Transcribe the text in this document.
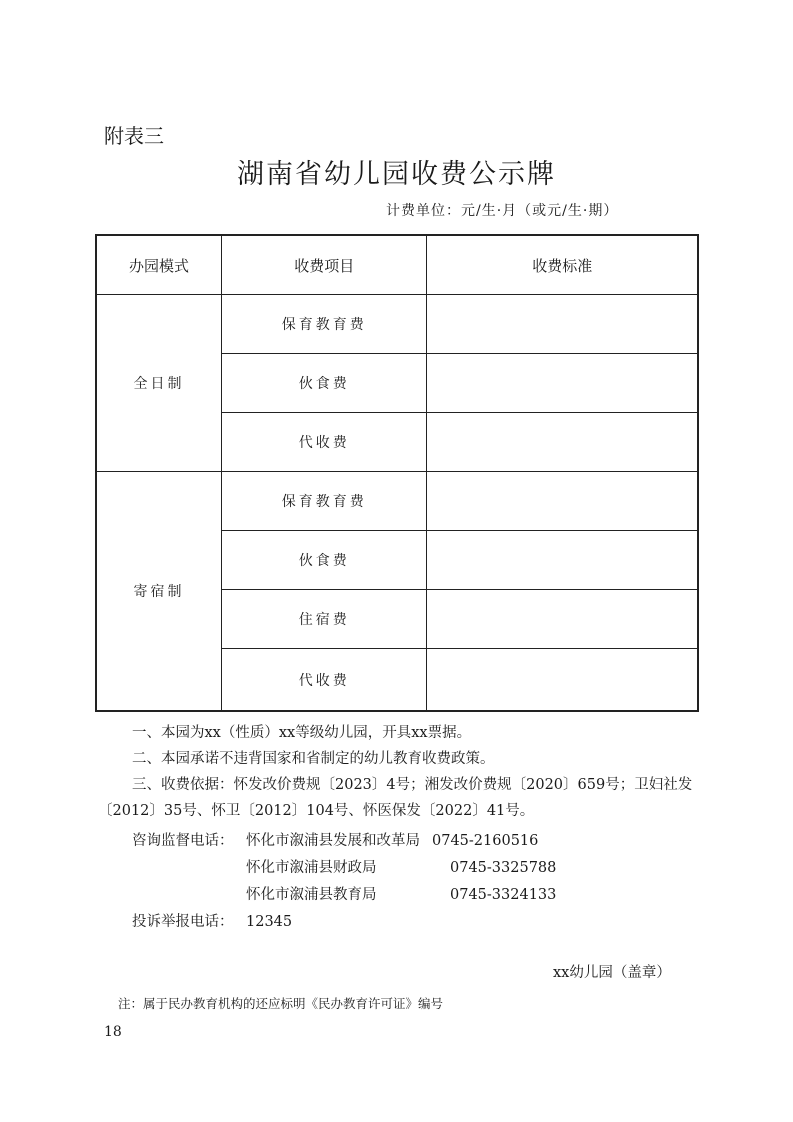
附表三
湖南省幼儿园收费公示牌
计费单位：元/生·月（或元/生·期）
办园模式	收费项目	收费标准
全日制	保育教育费	
	伙食费	
	代收费	
寄宿制	保育教育费	
	伙食费	
	住宿费	
	代收费	

一、本园为xx（性质）xx等级幼儿园，开具xx票据。

二、本园承诺不违背国家和省制定的幼儿教育收费政策。

三、收费依据：怀发改价费规〔2023〕4号；湘发改价费规〔2020〕659号；卫妇社发〔2012〕35号、怀卫〔2012〕104号、怀医保发〔2022〕41号。

咨询监督电话： 怀化市溆浦县发展和改革局 0745-2160516
怀化市溆浦县财政局	0745-3325788
怀化市溆浦县教育局	0745-3324133
投诉举报电话： 12345
xx幼儿园（盖章）
注：属于民办教育机构的还应标明《民办教育许可证》编号
18
